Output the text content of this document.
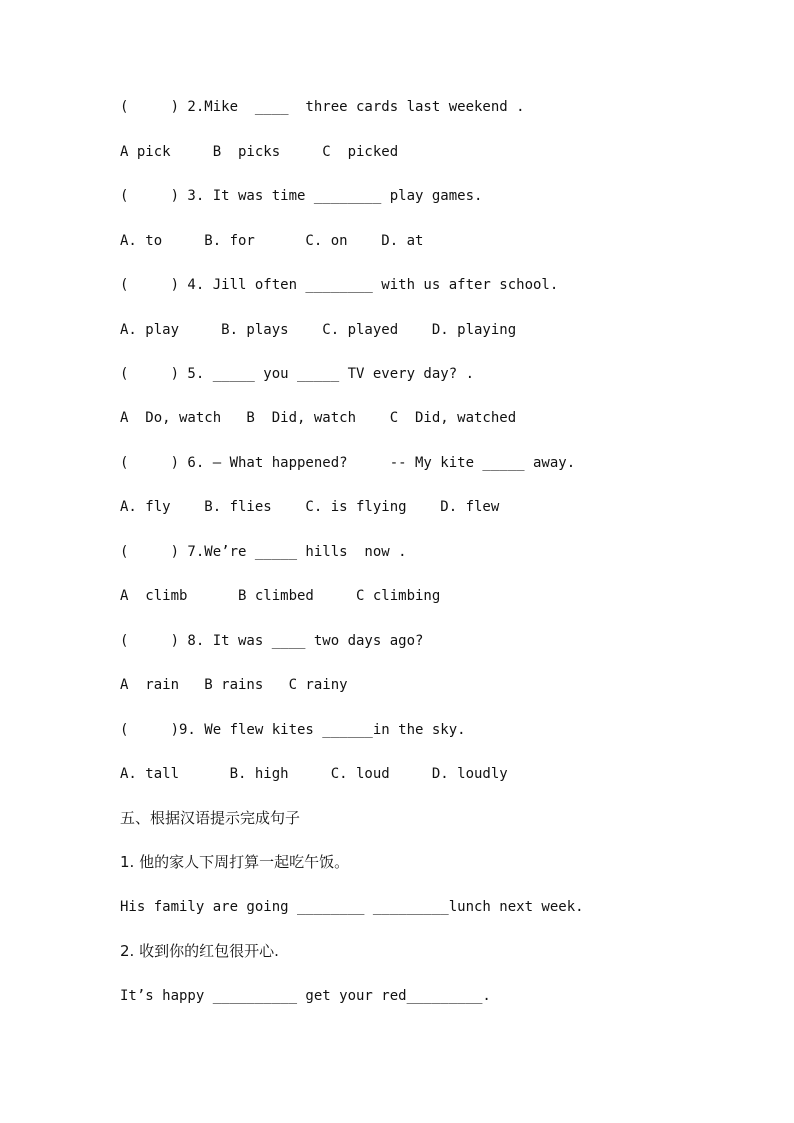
(     ) 2.Mike  ____  three cards last weekend .
A pick     B  picks     C  picked
(     ) 3. It was time ________ play games.
A. to     B. for      C. on    D. at
(     ) 4. Jill often ________ with us after school.
A. play     B. plays    C. played    D. playing
(     ) 5. _____ you _____ TV every day? .
A  Do, watch   B  Did, watch    C  Did, watched
(     ) 6. — What happened?     -- My kite _____ away.
A. fly    B. flies    C. is flying    D. flew
(     ) 7.We’re _____ hills  now .
A  climb      B climbed     C climbing
(     ) 8. It was ____ two days ago?
A  rain   B rains   C rainy
(     )9. We flew kites ______in the sky.
A. tall      B. high     C. loud     D. loudly
五、根据汉语提示完成句子
1. 他的家人下周打算一起吃午饭。
His family are going ________ _________lunch next week.
2. 收到你的红包很开心.
It’s happy __________ get your red_________.
